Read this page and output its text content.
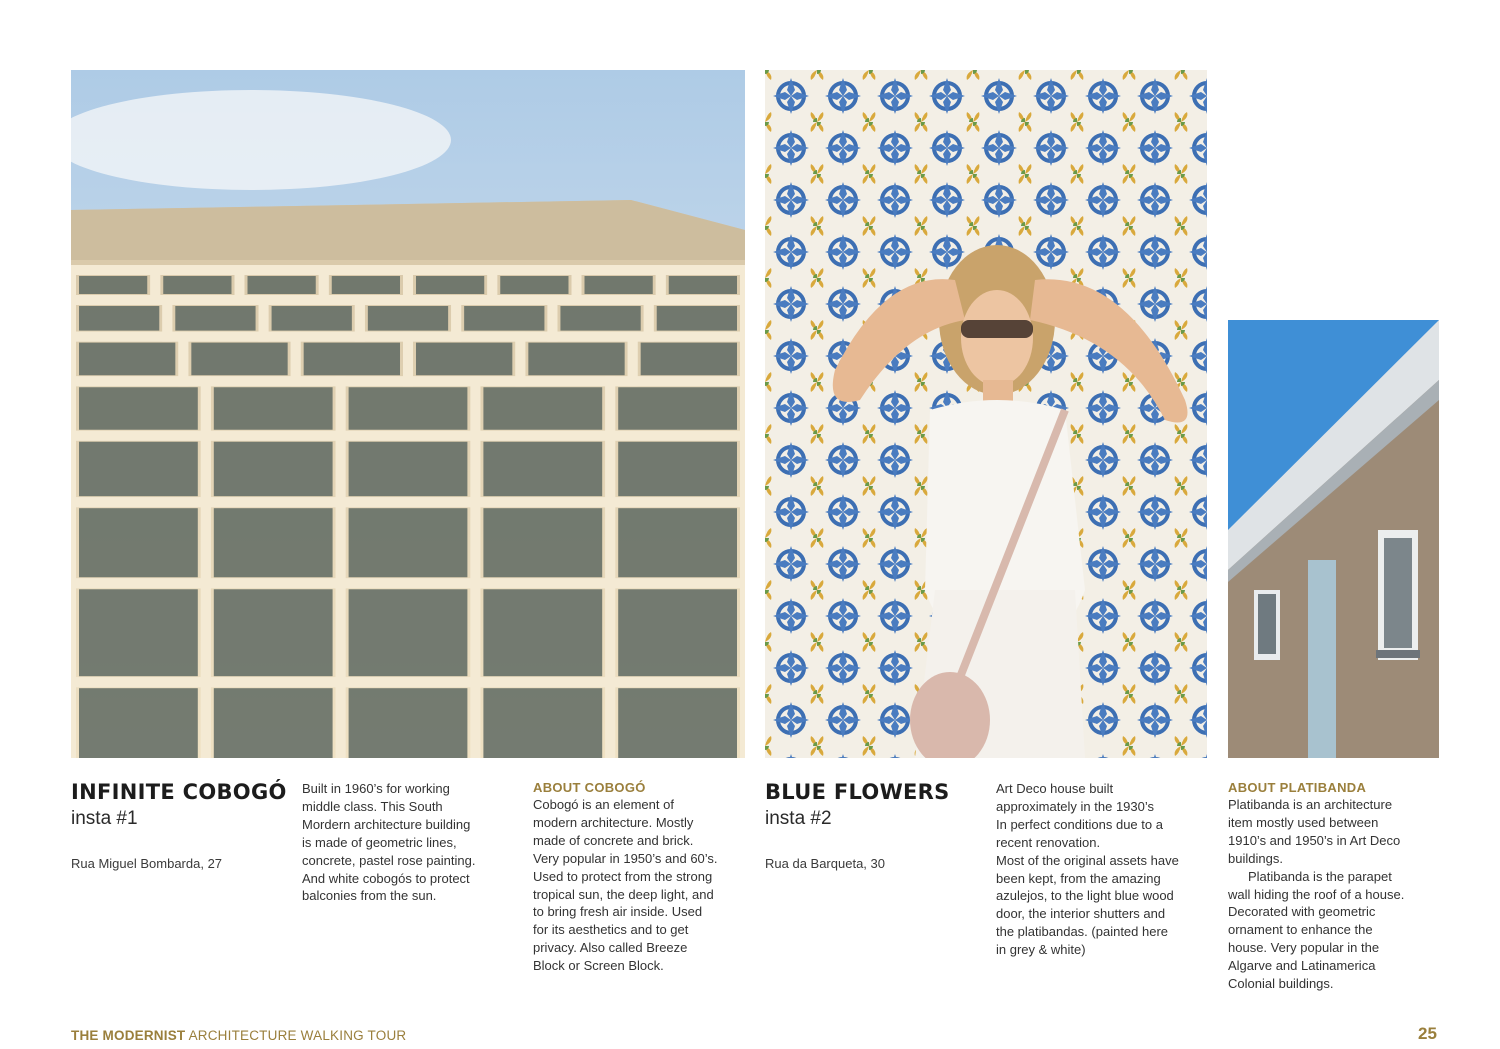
INFINITE COBOGÓ
insta #1
Rua Miguel Bombarda, 27
Built in 1960’s for working
middle class. This South
Mordern architecture building
is made of geometric lines,
concrete, pastel rose painting.
And white cobogós to protect
balconies from the sun.
ABOUT COBOGÓ
Cobogó is an element of
modern architecture. Mostly
made of concrete and brick.
Very popular in 1950’s and 60’s.
Used to protect from the strong
tropical sun, the deep light, and
to bring fresh air inside. Used
for its aesthetics and to get
privacy. Also called Breeze
Block or Screen Block.
BLUE FLOWERS
insta #2
Rua da Barqueta, 30
Art Deco house built
approximately in the 1930’s
In perfect conditions due to a
recent renovation.
Most of the original assets have
been kept, from the amazing
azulejos, to the light blue wood
door, the interior shutters and
the platibandas. (painted here
in grey & white)
ABOUT PLATIBANDA
Platibanda is an architecture
item mostly used between
1910’s and 1950’s in Art Deco
buildings.
Platibanda is the parapet
wall hiding the roof of a house.
Decorated with geometric
ornament to enhance the
house. Very popular in the
Algarve and Latinamerica
Colonial buildings.
THE MODERNIST ARCHITECTURE WALKING TOUR	25
